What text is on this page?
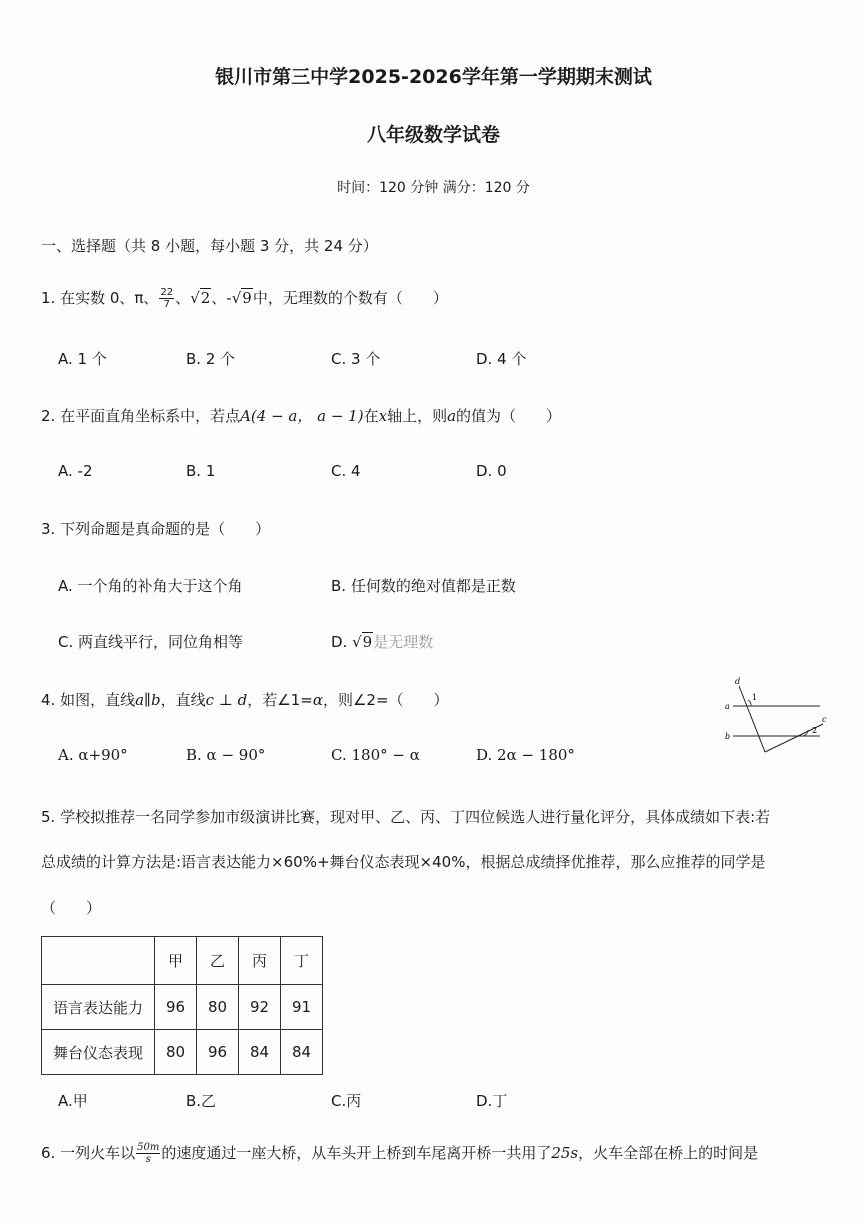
银川市第三中学2025-2026学年第一学期期末测试
八年级数学试卷
时间：120 分钟 满分：120 分
一、选择题（共 8 小题，每小题 3 分，共 24 分）
1. 在实数 0、π、 $\frac{22}{7}$ 、√2、-√9中，无理数的个数有（　　）
A. 1 个	B. 2 个	C. 3 个	D. 4 个
2. 在平面直角坐标系中，若点A(4 − a， a − 1)在x轴上，则a的值为（　　）
A. -2	B. 1	C. 4	D. 0
3. 下列命题是真命题的是（　　）
A. 一个角的补角大于这个角	B. 任何数的绝对值都是正数
C. 两直线平行，同位角相等	D. √9是无理数
4. 如图，直线a∥b，直线c ⊥ d，若∠1=α，则∠2=（　　）
A. α+90°	B. α − 90°	C. 180° − α	D. 2α − 180°
d
a
b
c
1
2
5. 学校拟推荐一名同学参加市级演讲比赛，现对甲、乙、丙、丁四位候选人进行量化评分，具体成绩如下表:若
总成绩的计算方法是:语言表达能力×60%+舞台仪态表现×40%，根据总成绩择优推荐，那么应推荐的同学是
（　　）
	甲	乙	丙	丁
语言表达能力	96	80	92	91
舞台仪态表现	80	96	84	84
A.甲	B.乙	C.丙	D.丁
6. 一列火车以 $\frac{50m}{s}$ 的速度通过一座大桥，从车头开上桥到车尾离开桥一共用了25s，火车全部在桥上的时间是
